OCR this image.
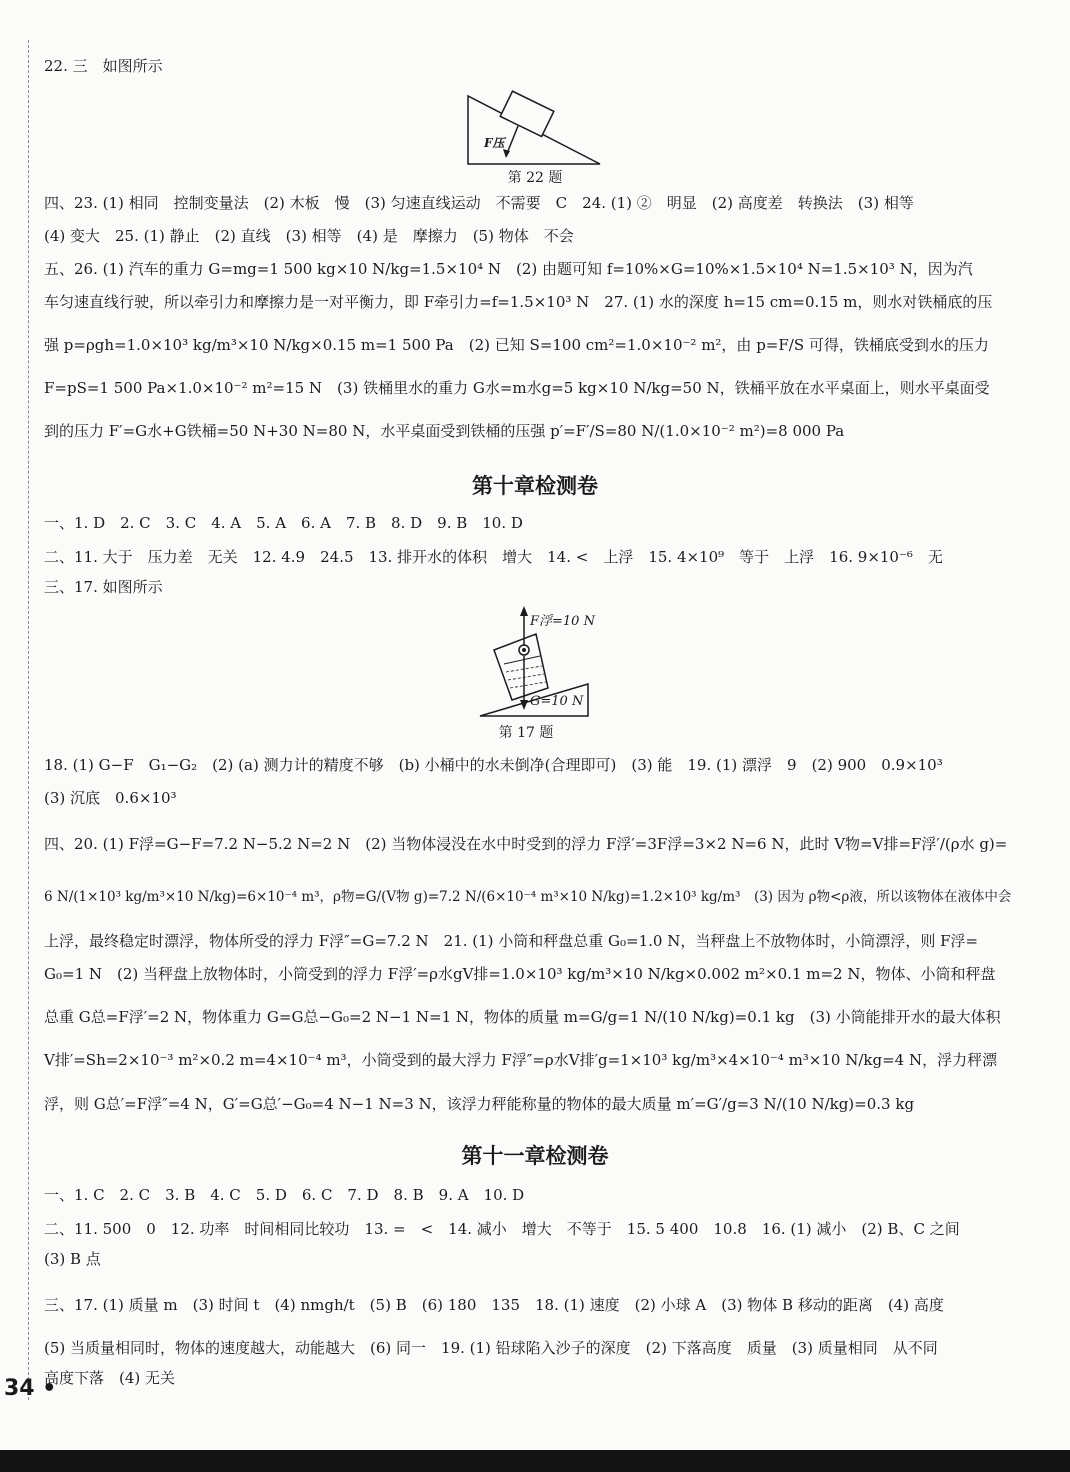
22. 三　如图所示
F压
第 22 题
四、23. (1) 相同　控制变量法　(2) 木板　慢　(3) 匀速直线运动　不需要　C　24. (1) ②　明显　(2) 高度差　转换法　(3) 相等
(4) 变大　25. (1) 静止　(2) 直线　(3) 相等　(4) 是　摩擦力　(5) 物体　不会
五、26. (1) 汽车的重力 G=mg=1 500 kg×10 N/kg=1.5×10⁴ N　(2) 由题可知 f=10%×G=10%×1.5×10⁴ N=1.5×10³ N，因为汽
车匀速直线行驶，所以牵引力和摩擦力是一对平衡力，即 F牵引力=f=1.5×10³ N　27. (1) 水的深度 h=15 cm=0.15 m，则水对铁桶底的压
强 p=ρgh=1.0×10³ kg/m³×10 N/kg×0.15 m=1 500 Pa　(2) 已知 S=100 cm²=1.0×10⁻² m²，由 p=F/S 可得，铁桶底受到水的压力
F=pS=1 500 Pa×1.0×10⁻² m²=15 N　(3) 铁桶里水的重力 G水=m水g=5 kg×10 N/kg=50 N，铁桶平放在水平桌面上，则水平桌面受
到的压力 F′=G水+G铁桶=50 N+30 N=80 N，水平桌面受到铁桶的压强 p′=F′/S=80 N/(1.0×10⁻² m²)=8 000 Pa
第十章检测卷
一、1. D　2. C　3. C　4. A　5. A　6. A　7. B　8. D　9. B　10. D
二、11. 大于　压力差　无关　12. 4.9　24.5　13. 排开水的体积　增大　14. <　上浮　15. 4×10⁹　等于　上浮　16. 9×10⁻⁶　无
三、17. 如图所示
F浮=10 N
G=10 N
第 17 题
18. (1) G−F　G₁−G₂　(2) (a) 测力计的精度不够　(b) 小桶中的水未倒净(合理即可)　(3) 能　19. (1) 漂浮　9　(2) 900　0.9×10³
(3) 沉底　0.6×10³
四、20. (1) F浮=G−F=7.2 N−5.2 N=2 N　(2) 当物体浸没在水中时受到的浮力 F浮′=3F浮=3×2 N=6 N，此时 V物=V排=F浮′/(ρ水 g)=
6 N/(1×10³ kg/m³×10 N/kg)=6×10⁻⁴ m³，ρ物=G/(V物 g)=7.2 N/(6×10⁻⁴ m³×10 N/kg)=1.2×10³ kg/m³　(3) 因为 ρ物<ρ液，所以该物体在液体中会
上浮，最终稳定时漂浮，物体所受的浮力 F浮″=G=7.2 N　21. (1) 小筒和秤盘总重 G₀=1.0 N，当秤盘上不放物体时，小筒漂浮，则 F浮=
G₀=1 N　(2) 当秤盘上放物体时，小筒受到的浮力 F浮′=ρ水gV排=1.0×10³ kg/m³×10 N/kg×0.002 m²×0.1 m=2 N，物体、小筒和秤盘
总重 G总=F浮′=2 N，物体重力 G=G总−G₀=2 N−1 N=1 N，物体的质量 m=G/g=1 N/(10 N/kg)=0.1 kg　(3) 小筒能排开水的最大体积
V排′=Sh=2×10⁻³ m²×0.2 m=4×10⁻⁴ m³，小筒受到的最大浮力 F浮″=ρ水V排′g=1×10³ kg/m³×4×10⁻⁴ m³×10 N/kg=4 N，浮力秤漂
浮，则 G总′=F浮″=4 N，G′=G总′−G₀=4 N−1 N=3 N，该浮力秤能称量的物体的最大质量 m′=G′/g=3 N/(10 N/kg)=0.3 kg
第十一章检测卷
一、1. C　2. C　3. B　4. C　5. D　6. C　7. D　8. B　9. A　10. D
二、11. 500　0　12. 功率　时间相同比较功　13. =　<　14. 减小　增大　不等于　15. 5 400　10.8　16. (1) 减小　(2) B、C 之间
(3) B 点
三、17. (1) 质量 m　(3) 时间 t　(4) nmgh/t　(5) B　(6) 180　135　18. (1) 速度　(2) 小球 A　(3) 物体 B 移动的距离　(4) 高度
(5) 当质量相同时，物体的速度越大，动能越大　(6) 同一　19. (1) 铅球陷入沙子的深度　(2) 下落高度　质量　(3) 质量相同　从不同
高度下落　(4) 无关
34 •
